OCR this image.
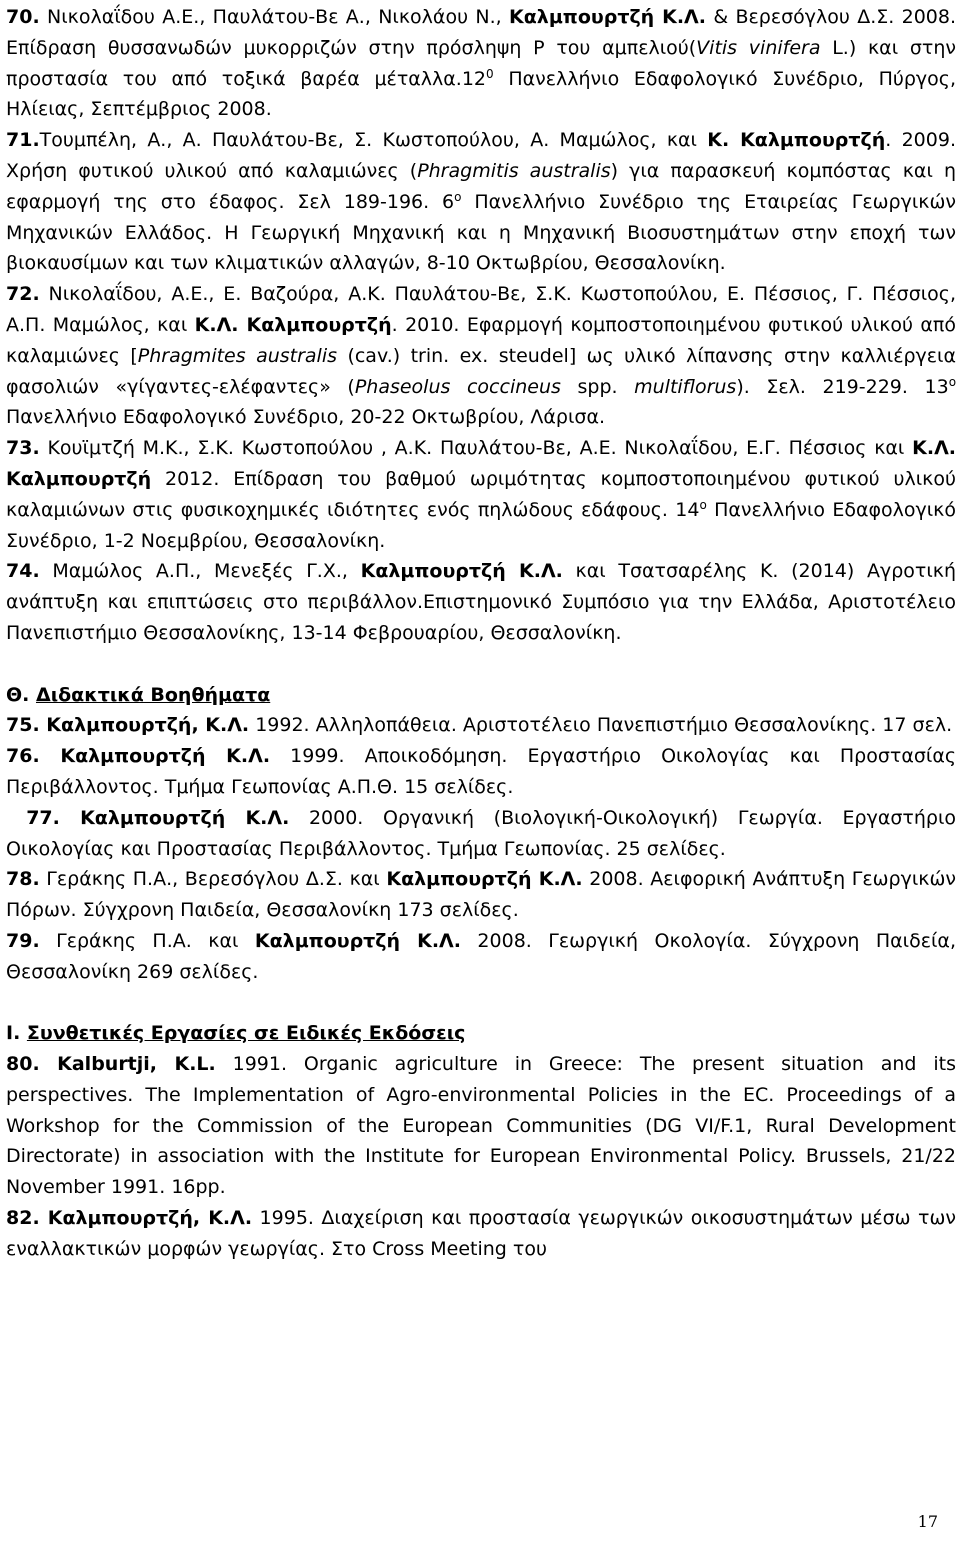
70. Νικολαΐδου Α.Ε., Παυλάτου-Βε Α., Νικολάου Ν., Καλμπουρτζή Κ.Λ. & Βερεσόγλου Δ.Σ. 2008. Επίδραση θυσσανωδών μυκορριζών στην πρόσληψη Ρ του αμπελιού(Vitis vinifera L.) και στην προστασία του από τοξικά βαρέα $\mu έ\tau\alpha\lambda\lambda\alpha.12^0$ Πανελλήνιο Εδαφολογικό Συνέδριο, Πύργος, Ηλίειας, Σεπτέμβριος 2008.

71.Τουμπέλη, Α., Α. Παυλάτου-Βε, Σ. Κωστοπούλου, Α. Μαμώλος, και Κ. Καλμπουρτζή. 2009. Χρήση φυτικού υλικού από καλαμιώνες (Phragmitis australis) για παρασκευή κομπόστας και η εφαρμογή της στο έδαφος. Σελ 189-196. $6^o$ Πανελλήνιο Συνέδριο της Εταιρείας Γεωργικών Μηχανικών Ελλάδος. Η Γεωργική Μηχανική και η Μηχανική Βιοσυστημάτων στην εποχή των βιοκαυσίμων και των κλιματικών αλλαγών, 8-10 Οκτωβρίου, Θεσσαλονίκη.

72. Νικολαΐδου, Α.Ε., Ε. Βαζούρα, Α.Κ. Παυλάτου-Βε, Σ.Κ. Κωστοπούλου, Ε. Πέσσιος, Γ. Πέσσιος, Α.Π. Μαμώλος, και Κ.Λ. Καλμπουρτζή. 2010. Εφαρμογή κομποστοποιημένου φυτικού υλικού από καλαμιώνες [Phragmites australis (cav.) trin. ex. steudel] ως υλικό λίπανσης στην καλλιέργεια φασολιών «γίγαντες-ελέφαντες» (Phaseolus coccineus spp. multiflorus). Σελ. 219-229. $13^o$ Πανελλήνιο Εδαφολογικό Συνέδριο, 20-22 Οκτωβρίου, Λάρισα.

73. Κουϊμτζή Μ.Κ., Σ.Κ. Κωστοπούλου , Α.Κ. Παυλάτου-Βε, Α.Ε. Νικολαΐδου, Ε.Γ. Πέσσιος και Κ.Λ. Καλμπουρτζή 2012. Επίδραση του βαθμού ωριμότητας κομποστοποιημένου φυτικού υλικού καλαμιώνων στις φυσικοχημικές ιδιότητες ενός πηλώδους εδάφους. $14^o$ Πανελλήνιο Εδαφολογικό Συνέδριο, 1-2 Νοεμβρίου, Θεσσαλονίκη.

74. Μαμώλος Α.Π., Μενεξές Γ.Χ., Καλμπουρτζή Κ.Λ. και Τσατσαρέλης Κ. (2014) Αγροτική ανάπτυξη και επιπτώσεις στο περιβάλλον.Επιστημονικό Συμπόσιο για την Ελλάδα, Αριστοτέλειο Πανεπιστήμιο Θεσσαλονίκης, 13-14 Φεβρουαρίου, Θεσσαλονίκη.

Θ. Διδακτικά Βοηθήματα

75. Καλμπουρτζή, Κ.Λ. 1992. Αλληλοπάθεια. Αριστοτέλειο Πανεπιστήμιο Θεσσαλονίκης. 17 σελ.

76. Καλμπουρτζή Κ.Λ. 1999. Αποικοδόμηση. Εργαστήριο Οικολογίας και Προστασίας Περιβάλλοντος. Τμήμα Γεωπονίας Α.Π.Θ. 15 σελίδες.

77. Καλμπουρτζή Κ.Λ. 2000. Οργανική (Βιολογική-Οικολογική) Γεωργία. Εργαστήριο Οικολογίας και Προστασίας Περιβάλλοντος. Τμήμα Γεωπονίας. 25 σελίδες.

78. Γεράκης Π.Α., Βερεσόγλου Δ.Σ. και Καλμπουρτζή Κ.Λ. 2008. Αειφορική Ανάπτυξη Γεωργικών Πόρων. Σύγχρονη Παιδεία, Θεσσαλονίκη 173 σελίδες.

79. Γεράκης Π.Α. και Καλμπουρτζή Κ.Λ. 2008. Γεωργική Οκολογία. Σύγχρονη Παιδεία, Θεσσαλονίκη 269 σελίδες.

Ι. Συνθετικές Εργασίες σε Ειδικές Εκδόσεις

80. Kalburtji, K.L. 1991. Organic agriculture in Greece: The present situation and its perspectives. The Implementation of Agro-environmental Policies in the EC. Proceedings of a Workshop for the Commission of the European Communities (DG VI/F.1, Rural Development Directorate) in association with the Institute for European Environmental Policy. Brussels, 21/22 November 1991. 16pp.

82. Καλμπουρτζή, Κ.Λ. 1995. Διαχείριση και προστασία γεωργικών οικοσυστημάτων μέσω των εναλλακτικών μορφών γεωργίας. Στο Cross Meeting του

17
